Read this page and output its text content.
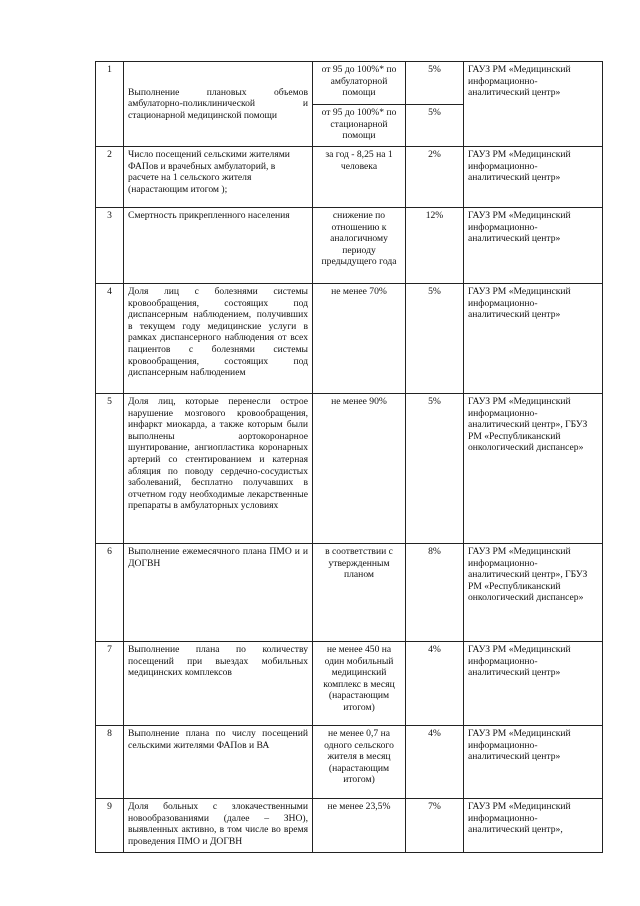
1	Выполнение плановых объемов амбулаторно-поликлинической и стационарной медицинской помощи	от 95 до 100%* по амбулаторной помощи	5%	ГАУЗ РМ «Медицинский информационно-аналитический центр»
		от 95 до 100%* по стационарной помощи	5%	
2	Число посещений сельскими жителями ФАПов и врачебных амбулаторий, в расчете на 1 сельского жителя (нарастающим итогом );	за год - 8,25 на 1 человека	2%	ГАУЗ РМ «Медицинский информационно-аналитический центр»
3	Смертность прикрепленного населения	снижение по отношению к аналогичному периоду предыдущего года	12%	ГАУЗ РМ «Медицинский информационно-аналитический центр»
4	Доля лиц с болезнями системы кровообращения, состоящих под диспансерным наблюдением, получивших в текущем году медицинские услуги в рамках диспансерного наблюдения от всех пациентов с болезнями системы кровообращения, состоящих под диспансерным наблюдением	не менее 70%	5%	ГАУЗ РМ «Медицинский информационно-аналитический центр»
5	Доля лиц, которые перенесли острое нарушение мозгового кровообращения, инфаркт миокарда, а также которым были выполнены аортокоронарное шунтирование, ангиопластика коронарных артерий со стентированием и катерная абляция по поводу сердечно-сосудистых заболеваний, бесплатно получавших в отчетном году необходимые лекарственные препараты в амбулаторных условиях	не менее 90%	5%	ГАУЗ РМ «Медицинский информационно-аналитический центр», ГБУЗ РМ «Республиканский онкологический диспансер»
6	Выполнение ежемесячного плана ПМО и и ДОГВН	в соответствии с утвержденным планом	8%	ГАУЗ РМ «Медицинский информационно-аналитический центр», ГБУЗ РМ «Республиканский онкологический диспансер»
7	Выполнение плана по количеству посещений при выездах мобильных медицинских комплексов	не менее 450 на один мобильный медицинский комплекс в месяц (нарастающим итогом)	4%	ГАУЗ РМ «Медицинский информационно-аналитический центр»
8	Выполнение плана по числу посещений сельскими жителями ФАПов и ВА	не менее 0,7 на одного сельского жителя в месяц (нарастающим итогом)	4%	ГАУЗ РМ «Медицинский информационно-аналитический центр»
9	Доля больных с злокачественными новообразованиями (далее – ЗНО), выявленных активно, в том числе во время проведения ПМО и ДОГВН	не менее 23,5%	7%	ГАУЗ РМ «Медицинский информационно-аналитический центр»,
